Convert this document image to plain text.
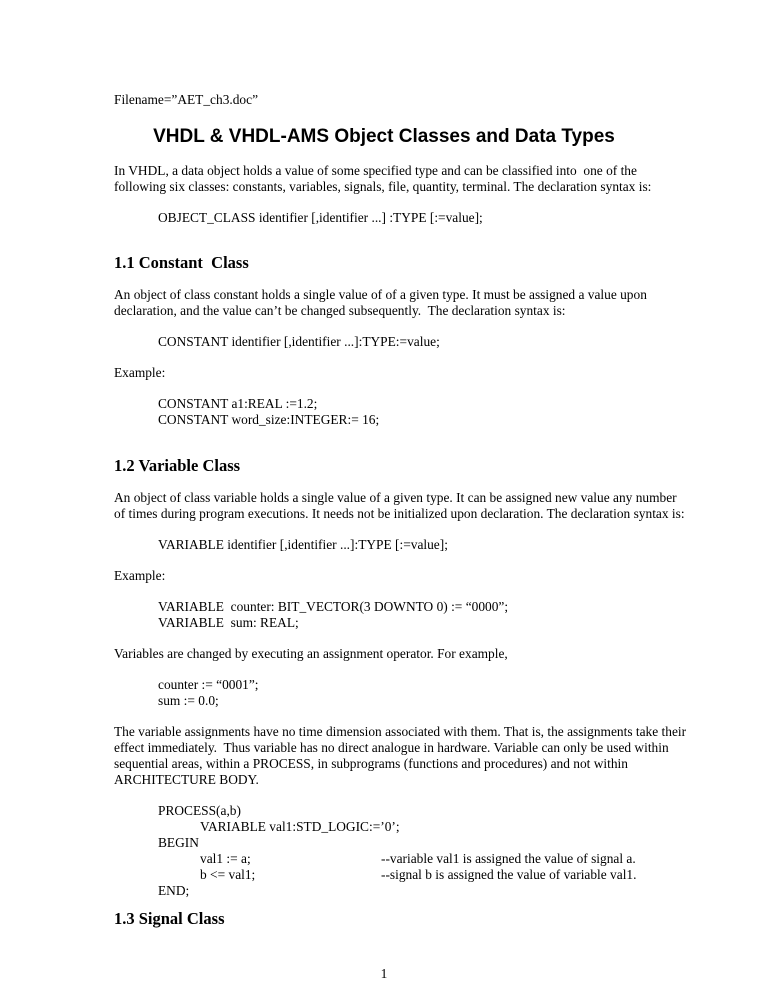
Filename=”AET_ch3.doc”
VHDL & VHDL-AMS Object Classes and Data Types
In VHDL, a data object holds a value of some specified type and can be classified into  one of the
following six classes: constants, variables, signals, file, quantity, terminal. The declaration syntax is:
OBJECT_CLASS identifier [,identifier ...] :TYPE [:=value];
1.1 Constant  Class
An object of class constant holds a single value of of a given type. It must be assigned a value upon
declaration, and the value can’t be changed subsequently.  The declaration syntax is:
CONSTANT identifier [,identifier ...]:TYPE:=value;
Example:
CONSTANT a1:REAL :=1.2;
CONSTANT word_size:INTEGER:= 16;
1.2 Variable Class
An object of class variable holds a single value of a given type. It can be assigned new value any number
of times during program executions. It needs not be initialized upon declaration. The declaration syntax is:
VARIABLE identifier [,identifier ...]:TYPE [:=value];
Example:
VARIABLE  counter: BIT_VECTOR(3 DOWNTO 0) := “0000”;
VARIABLE  sum: REAL;
Variables are changed by executing an assignment operator. For example,
counter := “0001”;
sum := 0.0;
The variable assignments have no time dimension associated with them. That is, the assignments take their
effect immediately.  Thus variable has no direct analogue in hardware. Variable can only be used within
sequential areas, within a PROCESS, in subprograms (functions and procedures) and not within
ARCHITECTURE BODY.
PROCESS(a,b)
VARIABLE val1:STD_LOGIC:=’0’;
BEGIN
val1 := a;	--variable val1 is assigned the value of signal a.
b <= val1;	--signal b is assigned the value of variable val1.
END;
1.3 Signal Class
1
